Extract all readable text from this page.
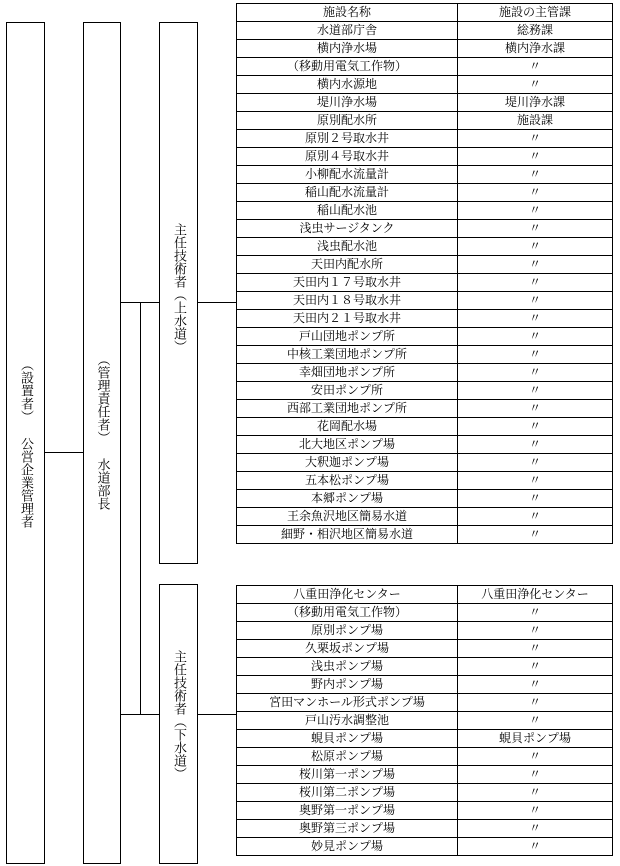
（設置者）
公営企業管理者
（管理責任者）
水道部長
主任技術者
（上水道）
主任技術者
（下水道）
施設名称	施設の主管課
水道部庁舎	総務課
横内浄水場	横内浄水課
（移動用電気工作物）	〃
横内水源地	〃
堤川浄水場	堤川浄水課
原別配水所	施設課
原別２号取水井	〃
原別４号取水井	〃
小柳配水流量計	〃
稲山配水流量計	〃
稲山配水池	〃
浅虫サージタンク	〃
浅虫配水池	〃
天田内配水所	〃
天田内１７号取水井	〃
天田内１８号取水井	〃
天田内２１号取水井	〃
戸山団地ポンプ所	〃
中核工業団地ポンプ所	〃
幸畑団地ポンプ所	〃
安田ポンプ所	〃
西部工業団地ポンプ所	〃
花岡配水場	〃
北大地区ポンプ場	〃
大釈迦ポンプ場	〃
五本松ポンプ場	〃
本郷ポンプ場	〃
王余魚沢地区簡易水道	〃
細野・相沢地区簡易水道	〃
八重田浄化センター	八重田浄化センター
（移動用電気工作物）	〃
原別ポンプ場	〃
久栗坂ポンプ場	〃
浅虫ポンプ場	〃
野内ポンプ場	〃
宮田マンホール形式ポンプ場	〃
戸山汚水調整池	〃
蜆貝ポンプ場	蜆貝ポンプ場
松原ポンプ場	〃
桜川第一ポンプ場	〃
桜川第二ポンプ場	〃
奥野第一ポンプ場	〃
奥野第三ポンプ場	〃
妙見ポンプ場	〃
